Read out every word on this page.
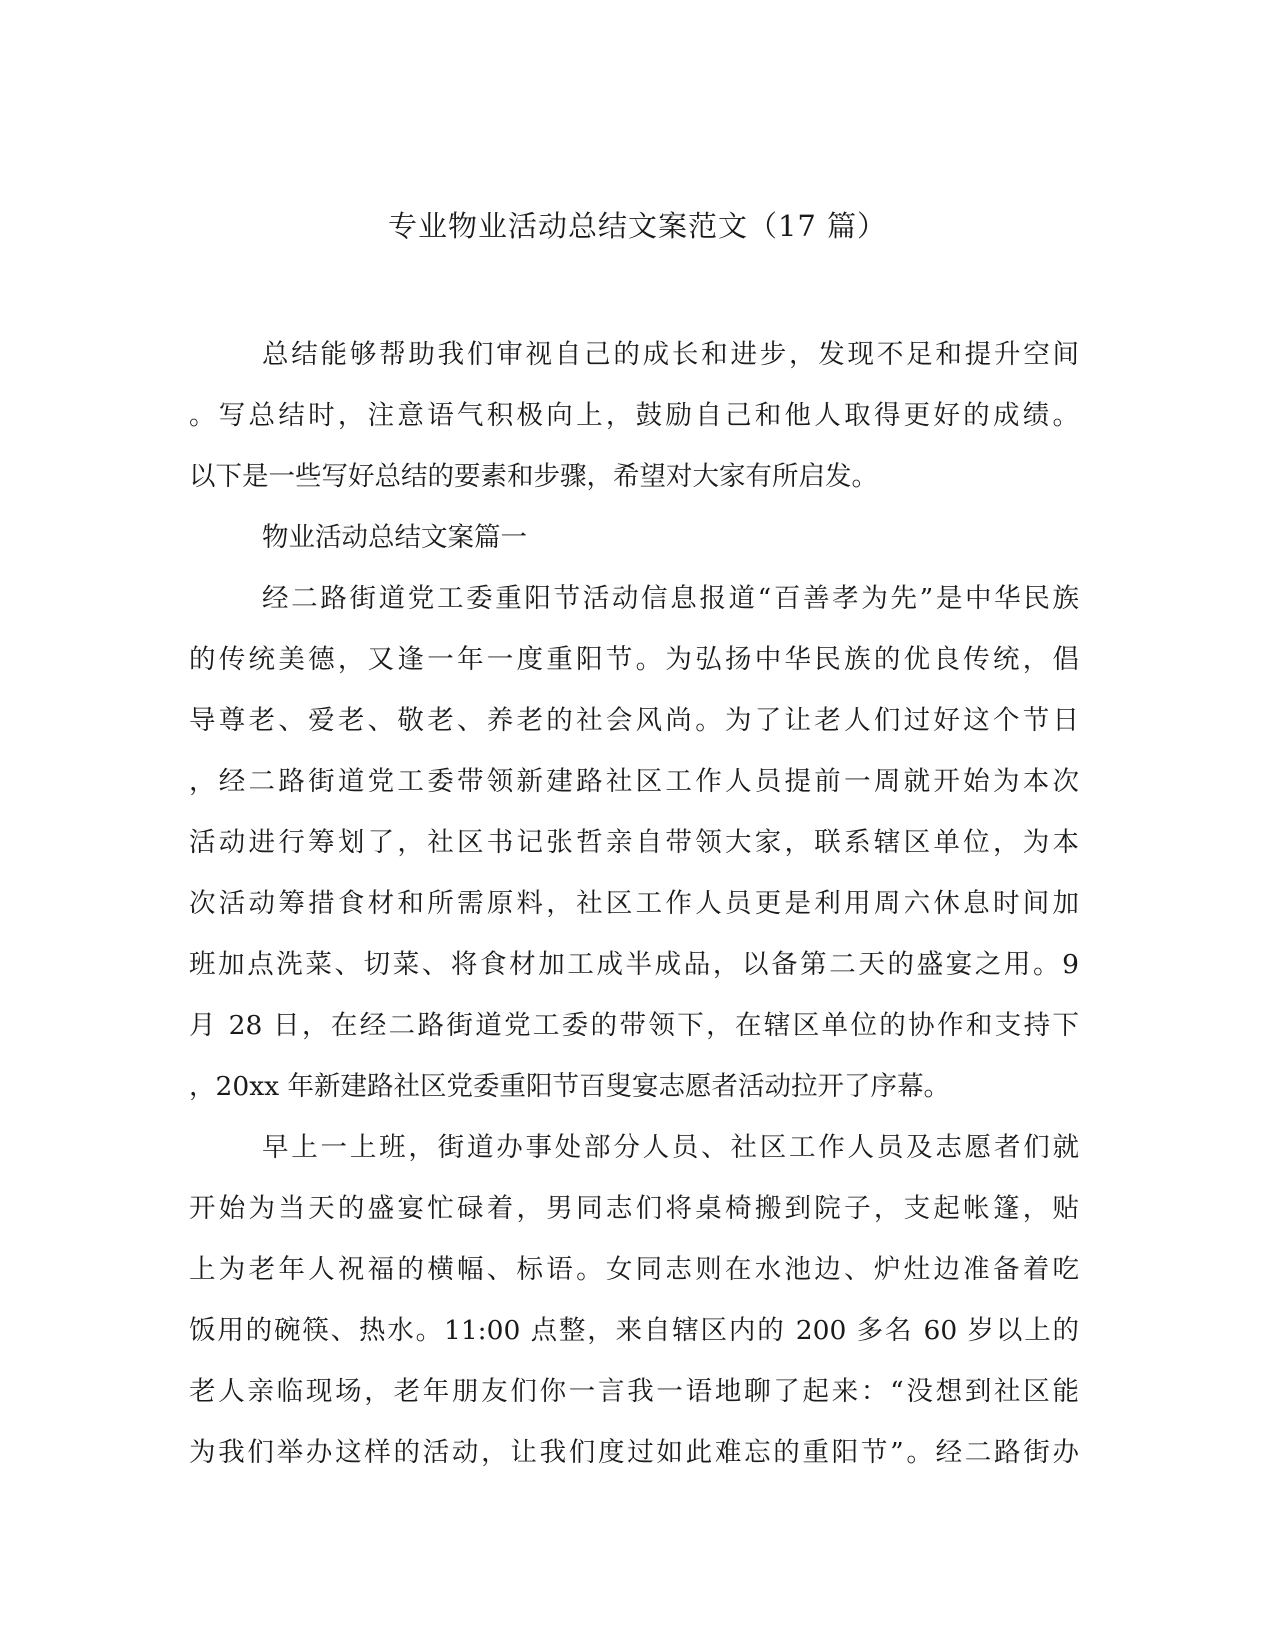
专业物业活动总结文案范文（17 篇）
总结能够帮助我们审视自己的成长和进步，发现不足和提升空间
。写总结时，注意语气积极向上，鼓励自己和他人取得更好的成绩。
以下是一些写好总结的要素和步骤，希望对大家有所启发。
物业活动总结文案篇一
经二路街道党工委重阳节活动信息报道“百善孝为先”是中华民族
的传统美德，又逢一年一度重阳节。为弘扬中华民族的优良传统，倡
导尊老、爱老、敬老、养老的社会风尚。为了让老人们过好这个节日
，经二路街道党工委带领新建路社区工作人员提前一周就开始为本次
活动进行筹划了，社区书记张哲亲自带领大家，联系辖区单位，为本
次活动筹措食材和所需原料，社区工作人员更是利用周六休息时间加
班加点洗菜、切菜、将食材加工成半成品，以备第二天的盛宴之用。9
月 28 日，在经二路街道党工委的带领下，在辖区单位的协作和支持下
，20xx 年新建路社区党委重阳节百叟宴志愿者活动拉开了序幕。
早上一上班，街道办事处部分人员、社区工作人员及志愿者们就
开始为当天的盛宴忙碌着，男同志们将桌椅搬到院子，支起帐篷，贴
上为老年人祝福的横幅、标语。女同志则在水池边、炉灶边准备着吃
饭用的碗筷、热水。11:00 点整，来自辖区内的 200 多名 60 岁以上的
老人亲临现场，老年朋友们你一言我一语地聊了起来：“没想到社区能
为我们举办这样的活动，让我们度过如此难忘的重阳节”。经二路街办
